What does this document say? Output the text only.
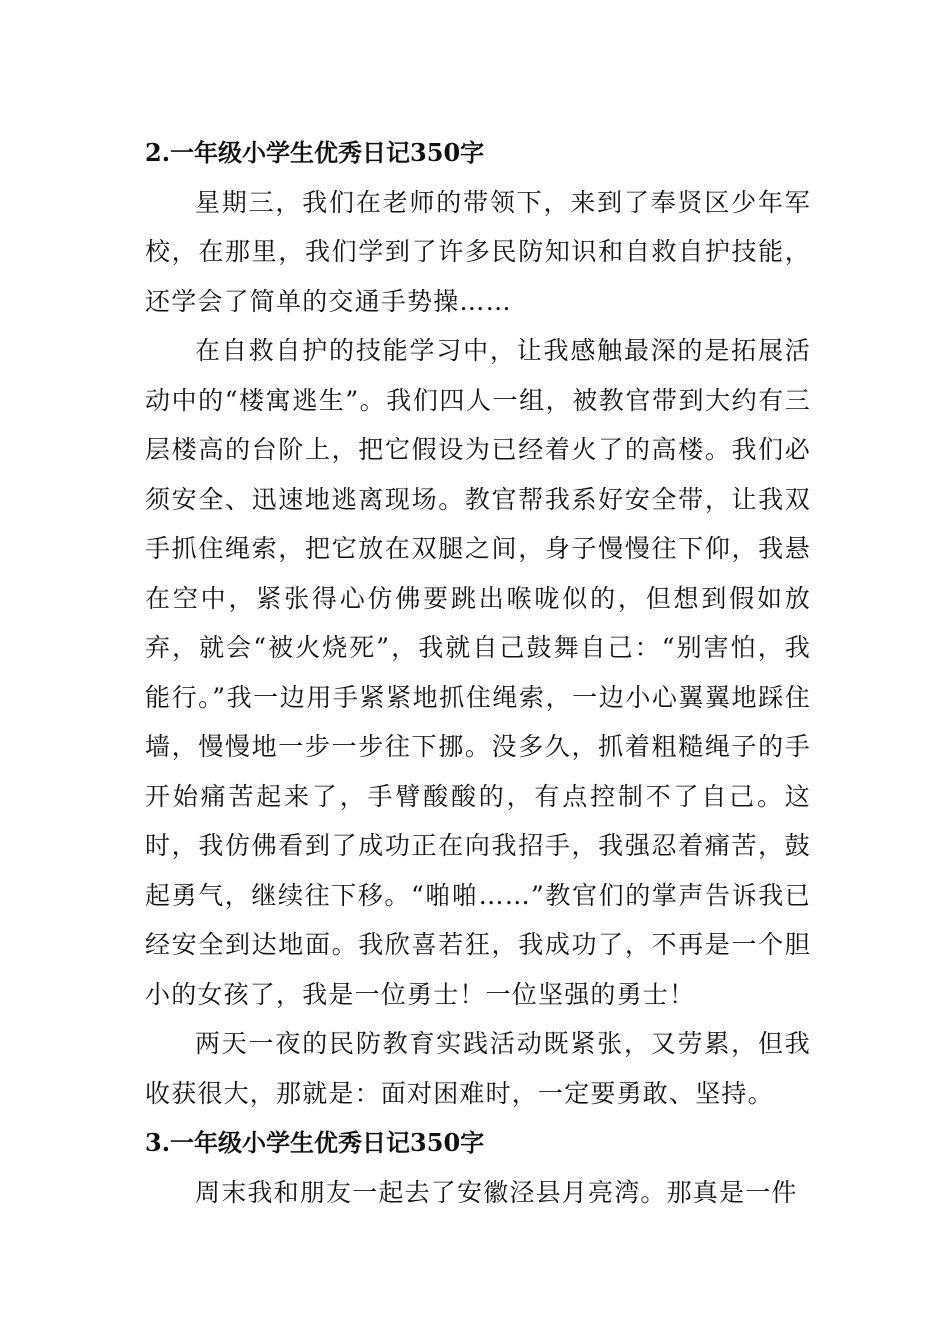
2.一年级小学生优秀日记350字

星期三，我们在老师的带领下，来到了奉贤区少年军校，在那里，我们学到了许多民防知识和自救自护技能，还学会了简单的交通手势操……

在自救自护的技能学习中，让我感触最深的是拓展活动中的“楼寓逃生”。我们四人一组，被教官带到大约有三层楼高的台阶上，把它假设为已经着火了的高楼。我们必须安全、迅速地逃离现场。教官帮我系好安全带，让我双手抓住绳索，把它放在双腿之间，身子慢慢往下仰，我悬在空中，紧张得心仿佛要跳出喉咙似的，但想到假如放弃，就会“被火烧死”，我就自己鼓舞自己：“别害怕，我能行。”我一边用手紧紧地抓住绳索，一边小心翼翼地踩住墙，慢慢地一步一步往下挪。没多久，抓着粗糙绳子的手开始痛苦起来了，手臂酸酸的，有点控制不了自己。这时，我仿佛看到了成功正在向我招手，我强忍着痛苦，鼓起勇气，继续往下移。“啪啪……”教官们的掌声告诉我已经安全到达地面。我欣喜若狂，我成功了，不再是一个胆小的女孩了，我是一位勇士！一位坚强的勇士！

两天一夜的民防教育实践活动既紧张，又劳累，但我收获很大，那就是：面对困难时，一定要勇敢、坚持。

3.一年级小学生优秀日记350字

周末我和朋友一起去了安徽泾县月亮湾。那真是一件
